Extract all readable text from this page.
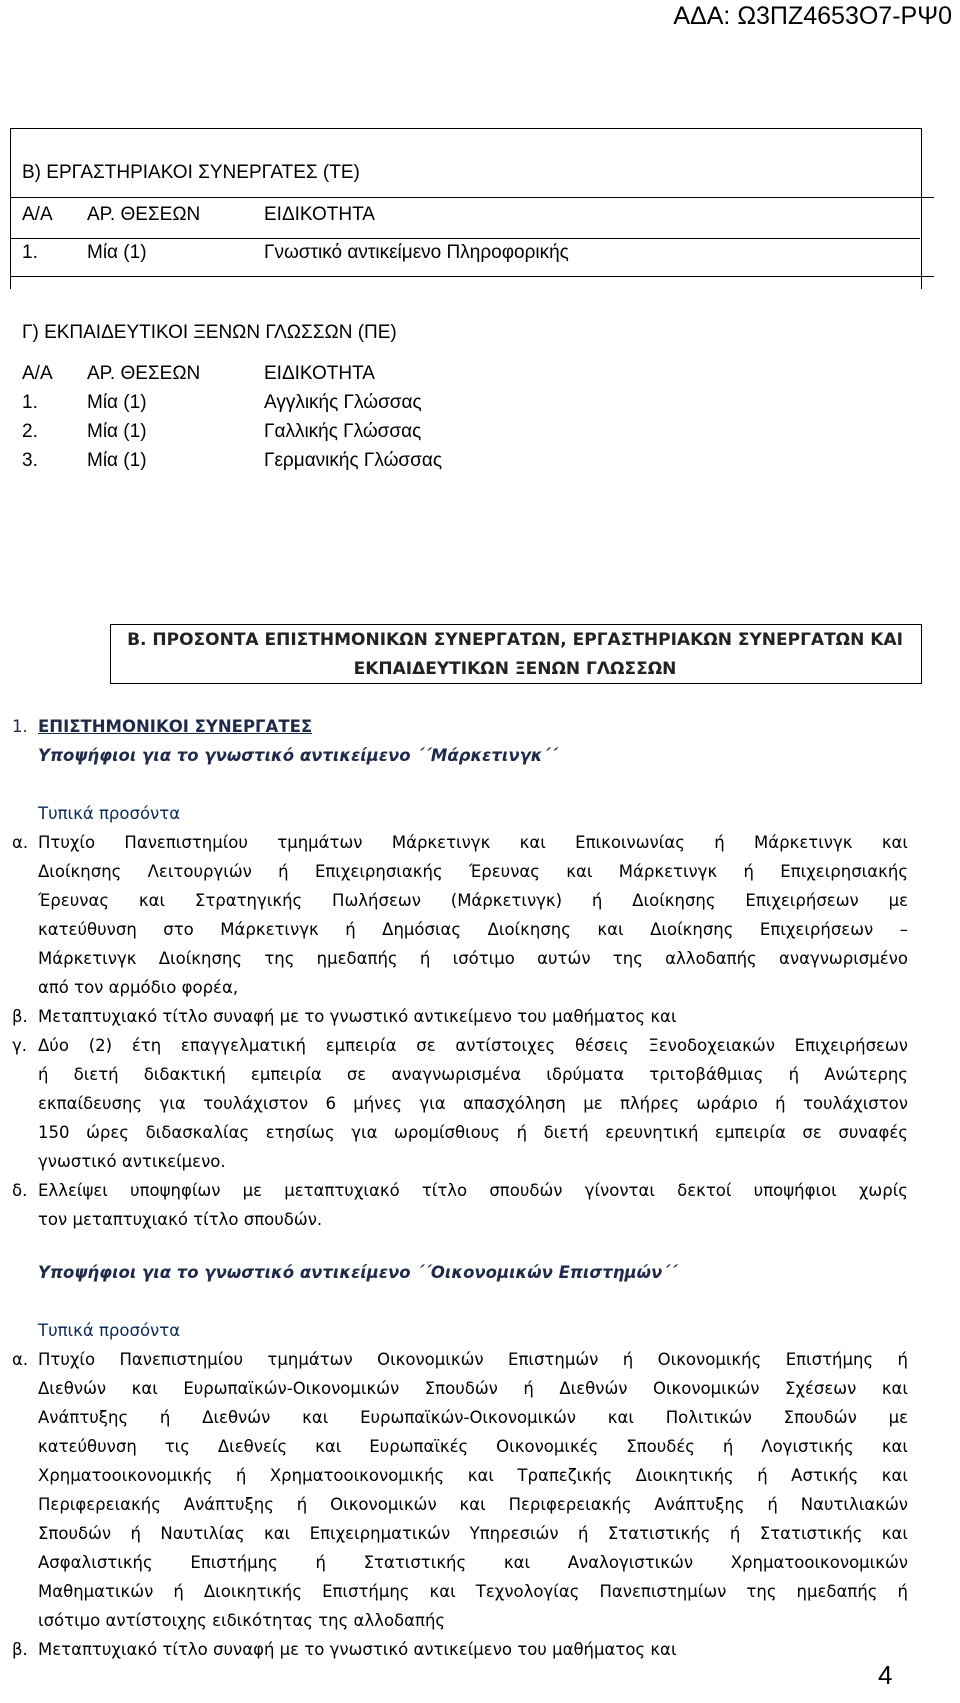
ΑΔΑ: Ω3ΠΖ4653Ο7-ΡΨ0
Β) ΕΡΓΑΣΤΗΡΙΑΚΟΙ ΣΥΝΕΡΓΑΤΕΣ (ΤΕ)
Α/Α ΑΡ. ΘΕΣΕΩΝ	ΕΙΔΙΚΟΤΗΤΑ
1.	Μία (1)	Γνωστικό αντικείμενο Πληροφορικής
Γ) ΕΚΠΑΙΔΕΥΤΙΚΟΙ ΞΕΝΩΝ ΓΛΩΣΣΩΝ (ΠΕ)
Α/Α ΑΡ. ΘΕΣΕΩΝ	ΕΙΔΙΚΟΤΗΤΑ
1.	Μία (1)	Αγγλικής Γλώσσας
2.	Μία (1)	Γαλλικής Γλώσσας
3.	Μία (1)	Γερμανικής Γλώσσας
Β. ΠΡΟΣΟΝΤΑ ΕΠΙΣΤΗΜΟΝΙΚΩΝ ΣΥΝΕΡΓΑΤΩΝ, ΕΡΓΑΣΤΗΡΙΑΚΩΝ ΣΥΝΕΡΓΑΤΩΝ ΚΑΙ
ΕΚΠΑΙΔΕΥΤΙΚΩΝ ΞΕΝΩΝ ΓΛΩΣΣΩΝ
1. ΕΠΙΣΤΗΜΟΝΙΚΟΙ ΣΥΝΕΡΓΑΤΕΣ
Υποψήφιοι για το γνωστικό αντικείμενο ΄΄Μάρκετινγκ΄΄
Τυπικά προσόντα
α. Πτυχίο Πανεπιστημίου τμημάτων Μάρκετινγκ και Επικοινωνίας ή Μάρκετινγκ και
Διοίκησης Λειτουργιών ή Επιχειρησιακής Έρευνας και Μάρκετινγκ ή Επιχειρησιακής
Έρευνας και Στρατηγικής Πωλήσεων (Μάρκετινγκ) ή Διοίκησης Επιχειρήσεων με
κατεύθυνση στο Μάρκετινγκ ή Δημόσιας Διοίκησης και Διοίκησης Επιχειρήσεων –
Μάρκετινγκ Διοίκησης της ημεδαπής ή ισότιμο αυτών της αλλοδαπής αναγνωρισμένο
από τον αρμόδιο φορέα,
β. Μεταπτυχιακό τίτλο συναφή με το γνωστικό αντικείμενο του μαθήματος και
γ. Δύο (2) έτη επαγγελματική εμπειρία σε αντίστοιχες θέσεις Ξενοδοχειακών Επιχειρήσεων
ή διετή διδακτική εμπειρία σε αναγνωρισμένα ιδρύματα τριτοβάθμιας ή Ανώτερης
εκπαίδευσης για τουλάχιστον 6 μήνες για απασχόληση με πλήρες ωράριο ή τουλάχιστον
150 ώρες διδασκαλίας ετησίως για ωρομίσθιους ή διετή ερευνητική εμπειρία σε συναφές
γνωστικό αντικείμενο.
δ. Ελλείψει υποψηφίων με μεταπτυχιακό τίτλο σπουδών γίνονται δεκτοί υποψήφιοι χωρίς
τον μεταπτυχιακό τίτλο σπουδών.
Υποψήφιοι για το γνωστικό αντικείμενο ΄΄Οικονομικών Επιστημών΄΄
Τυπικά προσόντα
α. Πτυχίο Πανεπιστημίου τμημάτων Οικονομικών Επιστημών ή Οικονομικής Επιστήμης ή
Διεθνών και Ευρωπαϊκών-Οικονομικών Σπουδών ή Διεθνών Οικονομικών Σχέσεων και
Ανάπτυξης ή Διεθνών και Ευρωπαϊκών-Οικονομικών και Πολιτικών Σπουδών με
κατεύθυνση τις Διεθνείς και Ευρωπαϊκές Οικονομικές Σπουδές ή Λογιστικής και
Χρηματοοικονομικής ή Χρηματοοικονομικής και Τραπεζικής Διοικητικής ή Αστικής και
Περιφερειακής Ανάπτυξης ή Οικονομικών και Περιφερειακής Ανάπτυξης ή Ναυτιλιακών
Σπουδών ή Ναυτιλίας και Επιχειρηματικών Υπηρεσιών ή Στατιστικής ή Στατιστικής και
Ασφαλιστικής Επιστήμης ή Στατιστικής και Αναλογιστικών Χρηματοοικονομικών
Μαθηματικών ή Διοικητικής Επιστήμης και Τεχνολογίας Πανεπιστημίων της ημεδαπής ή
ισότιμο αντίστοιχης ειδικότητας της αλλοδαπής
β. Μεταπτυχιακό τίτλο συναφή με το γνωστικό αντικείμενο του μαθήματος και
4
